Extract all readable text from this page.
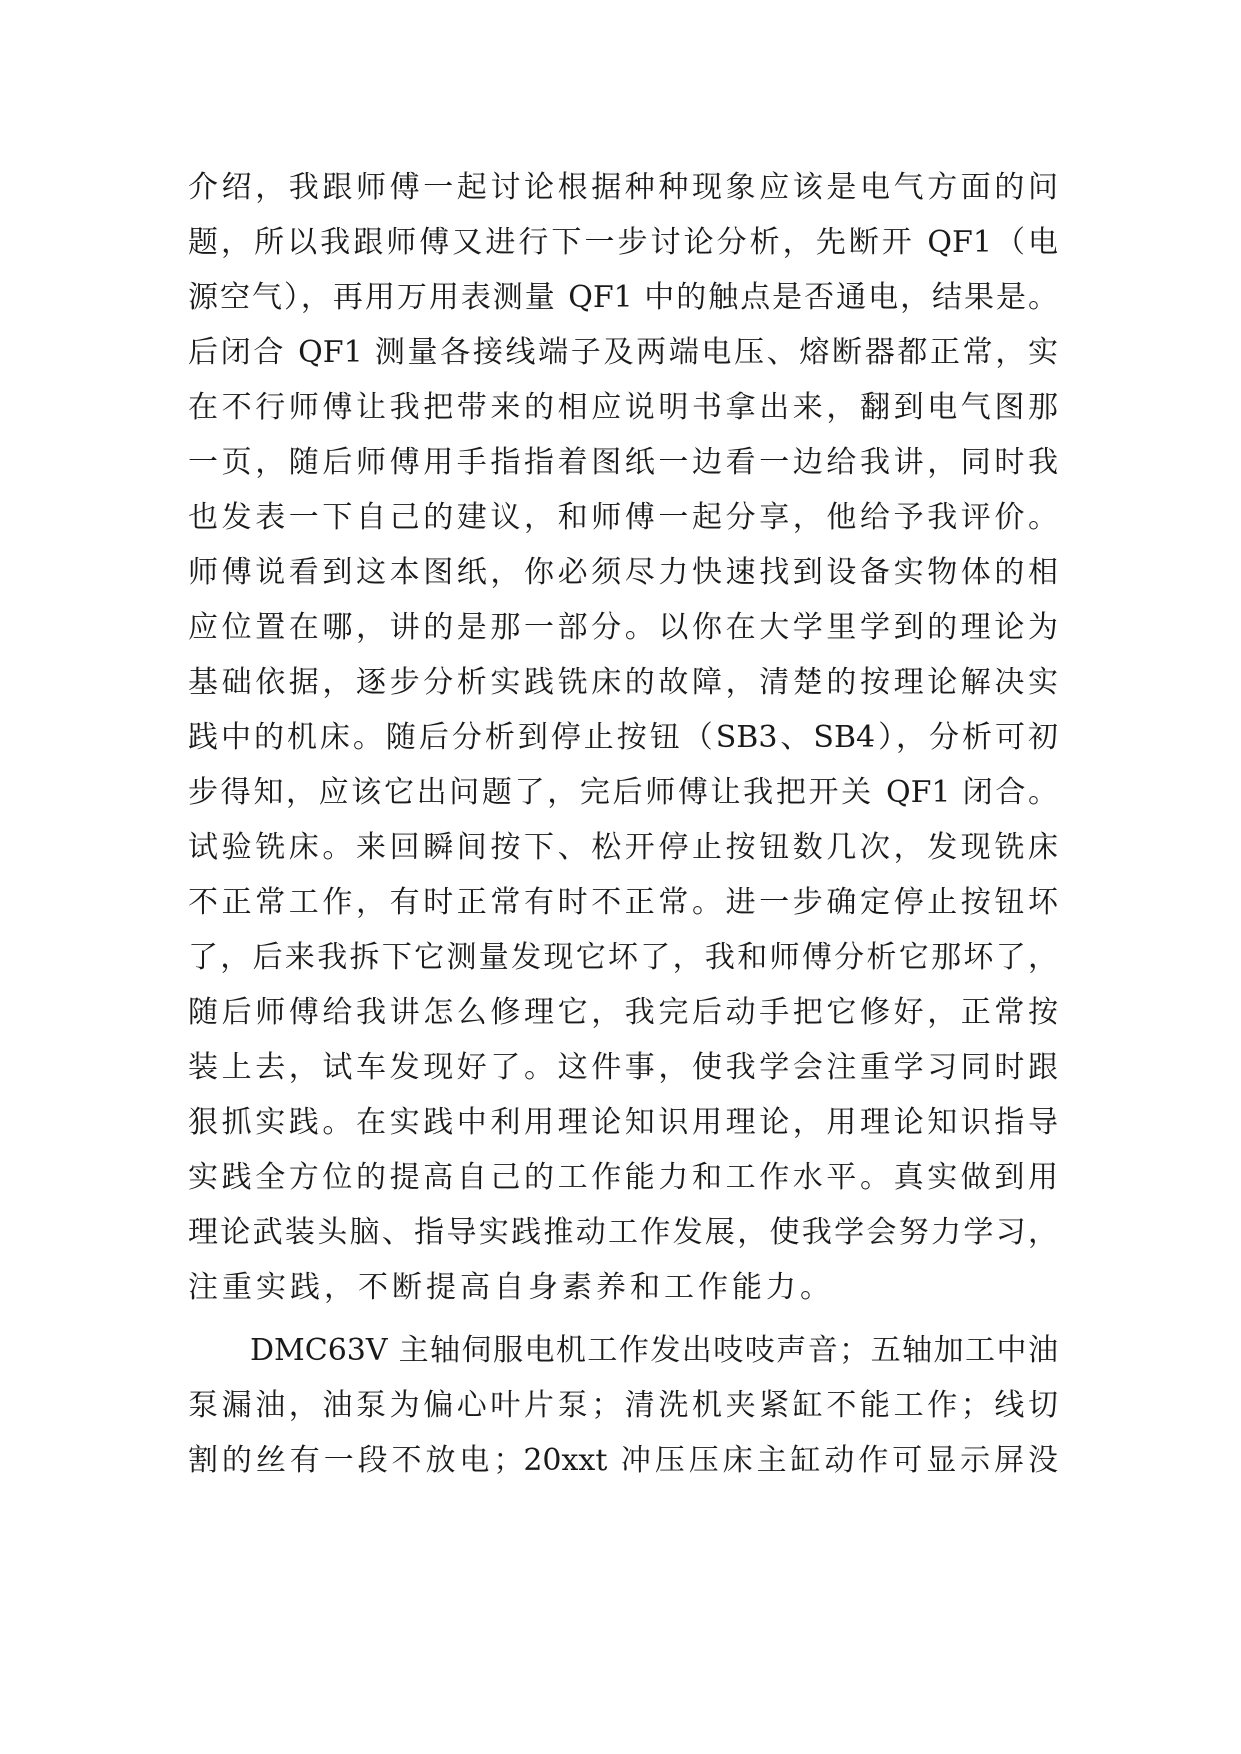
介绍，我跟师傅一起讨论根据种种现象应该是电气方面的问
题，所以我跟师傅又进行下一步讨论分析，先断开 QF1（电
源空气），再用万用表测量 QF1 中的触点是否通电，结果是。
后闭合 QF1 测量各接线端子及两端电压、熔断器都正常，实
在不行师傅让我把带来的相应说明书拿出来，翻到电气图那
一页，随后师傅用手指指着图纸一边看一边给我讲，同时我
也发表一下自己的建议，和师傅一起分享，他给予我评价。
师傅说看到这本图纸，你必须尽力快速找到设备实物体的相
应位置在哪，讲的是那一部分。以你在大学里学到的理论为
基础依据，逐步分析实践铣床的故障，清楚的按理论解决实
践中的机床。随后分析到停止按钮（SB3、SB4），分析可初
步得知，应该它出问题了，完后师傅让我把开关 QF1 闭合。
试验铣床。来回瞬间按下、松开停止按钮数几次，发现铣床
不正常工作，有时正常有时不正常。进一步确定停止按钮坏
了，后来我拆下它测量发现它坏了，我和师傅分析它那坏了，
随后师傅给我讲怎么修理它，我完后动手把它修好，正常按
装上去，试车发现好了。这件事，使我学会注重学习同时跟
狠抓实践。在实践中利用理论知识用理论，用理论知识指导
实践全方位的提高自己的工作能力和工作水平。真实做到用
理论武装头脑、指导实践推动工作发展，使我学会努力学习，
注重实践，不断提高自身素养和工作能力。
DMC63V 主轴伺服电机工作发出吱吱声音；五轴加工中油
泵漏油，油泵为偏心叶片泵；清洗机夹紧缸不能工作；线切
割的丝有一段不放电；20xxt 冲压压床主缸动作可显示屏没
